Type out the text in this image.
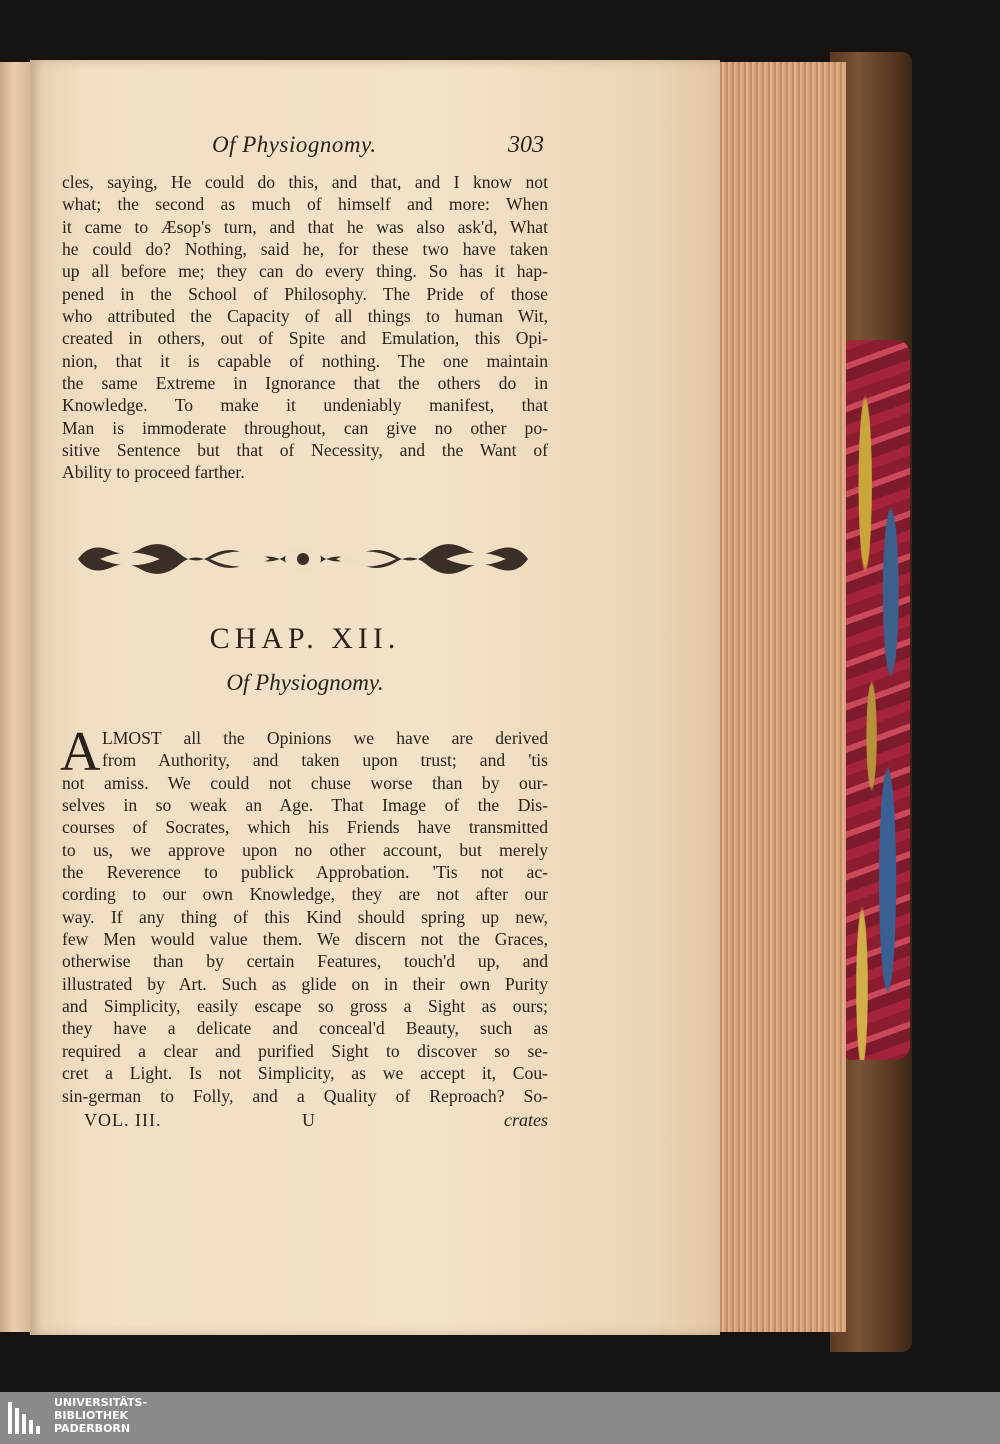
Of Physiognomy.	303
cles, saying, He could do this, and that, and I know not
what; the second as much of himself and more: When
it came to Æsop's turn, and that he was also ask'd, What
he could do? Nothing, said he, for these two have taken
up all before me; they can do every thing. So has it hap-
pened in the School of Philosophy. The Pride of those
who attributed the Capacity of all things to human Wit,
created in others, out of Spite and Emulation, this Opi-
nion, that it is capable of nothing. The one maintain
the same Extreme in Ignorance that the others do in
Knowledge. To make it undeniably manifest, that
Man is immoderate throughout, can give no other po-
sitive Sentence but that of Necessity, and the Want of
Ability to proceed farther.
CHAP. XII.
Of Physiognomy.
A LMOST all the Opinions we have are derived
from Authority, and taken upon trust; and 'tis
not amiss. We could not chuse worse than by our-
selves in so weak an Age. That Image of the Dis-
courses of Socrates, which his Friends have transmitted
to us, we approve upon no other account, but merely
the Reverence to publick Approbation. 'Tis not ac-
cording to our own Knowledge, they are not after our
way. If any thing of this Kind should spring up new,
few Men would value them. We discern not the Graces,
otherwise than by certain Features, touch'd up, and
illustrated by Art. Such as glide on in their own Purity
and Simplicity, easily escape so gross a Sight as ours;
they have a delicate and conceal'd Beauty, such as
required a clear and purified Sight to discover so se-
cret a Light. Is not Simplicity, as we accept it, Cou-
sin-german to Folly, and a Quality of Reproach? So-
VOL. III.	U	crates
UNIVERSITÄTS-
BIBLIOTHEK
PADERBORN
